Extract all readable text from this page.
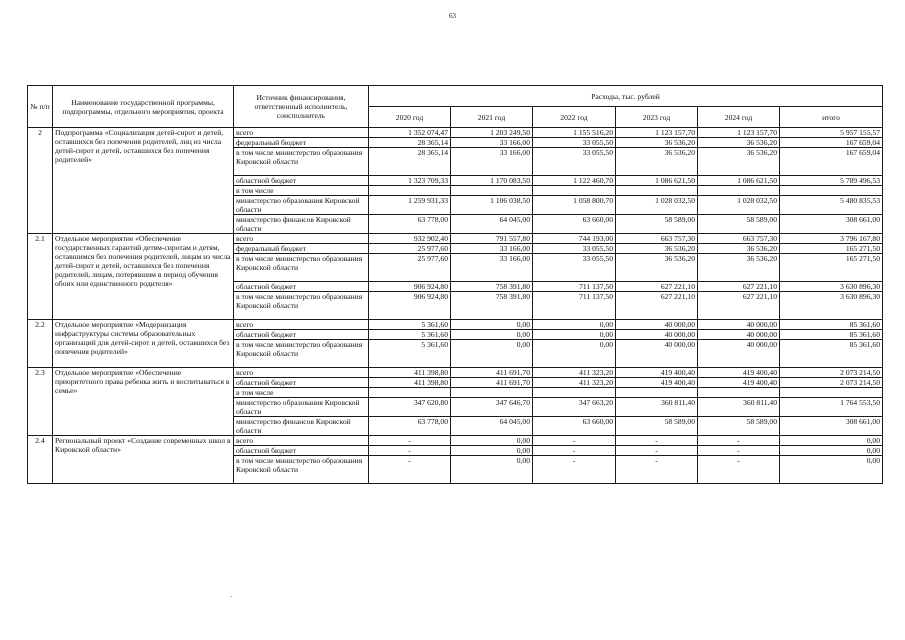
63
№ п/п	Наименование государственной программы, подпрограммы, отдельного мероприятия, проекта	Источник финансирования, ответственный исполнитель, соисполнитель	Расходы, тыс. рублей					
			2020 год	2021 год	2022 год	2023 год	2024 год	итого
2	Подпрограмма «Социализация детей-сирот и детей, оставшихся без попечения родителей, лиц из числа детей-сирот и детей, оставшихся без попечения родителей»	всего	1 352 074,47	1 203 249,50	1 155 516,20	1 123 157,70	1 123 157,70	5 957 155,57
		федеральный бюджет	28 365,14	33 166,00	33 055,50	36 536,20	36 536,20	167 659,04
		в том числе министерство образования Кировской области	28 365,14	33 166,00	33 055,50	36 536,20	36 536,20	167 659,04
		областной бюджет	1 323 709,33	1 170 083,50	1 122 460,70	1 086 621,50	1 086 621,50	5 789 496,53
		в том числе						
		министерство образования Кировской области	1 259 931,33	1 106 038,50	1 058 800,70	1 028 032,50	1 028 032,50	5 480 835,53
		министерство финансов Кировской области	63 778,00	64 045,00	63 660,00	58 589,00	58 589,00	308 661,00
2.1	Отдельное мероприятие «Обеспечение государственных гарантий детям-сиротам и детям, оставшимся без попечения родителей, лицам из числа детей-сирот и детей, оставшихся без попечения родителей, лицам, потерявшим в период обучения обоих или единственного родителя»	всего	932 902,40	791 557,80	744 193,00	663 757,30	663 757,30	3 796 167,80
		федеральный бюджет	25 977,60	33 166,00	33 055,50	36 536,20	36 536,20	165 271,50
		в том числе министерство образования Кировской области	25 977,60	33 166,00	33 055,50	36 536,20	36 536,20	165 271,50
		областной бюджет	906 924,80	758 391,80	711 137,50	627 221,10	627 221,10	3 630 896,30
		в том числе министерство образования Кировской области	906 924,80	758 391,80	711 137,50	627 221,10	627 221,10	3 630 896,30
2.2	Отдельное мероприятие «Модернизация инфраструктуры системы образовательных организаций для детей-сирот и детей, оставшихся без попечения родителей»	всего	5 361,60	0,00	0,00	40 000,00	40 000,00	85 361,60
		областной бюджет	5 361,60	0,00	0,00	40 000,00	40 000,00	85 361,60
		в том числе министерство образования Кировской области	5 361,60	0,00	0,00	40 000,00	40 000,00	85 361,60
2.3	Отдельное мероприятие «Обеспечение приоритетного права ребенка жить и воспитываться в семье»	всего	411 398,80	411 691,70	411 323,20	419 400,40	419 400,40	2 073 214,50
		областной бюджет	411 398,80	411 691,70	411 323,20	419 400,40	419 400,40	2 073 214,50
		в том числе						
		министерство образования Кировской области	347 620,80	347 646,70	347 663,20	360 811,40	360 811,40	1 764 553,50
		министерство финансов Кировской области	63 778,00	64 045,00	63 660,00	58 589,00	58 589,00	308 661,00
2.4	Региональный проект «Создание современных школ в Кировской области»	всего	-	0,00	-	-	-	0,00
		областной бюджет	-	0,00	-	-	-	0,00
		в том числе министерство образования Кировской области	-	0,00	-	-	-	0,00
·
